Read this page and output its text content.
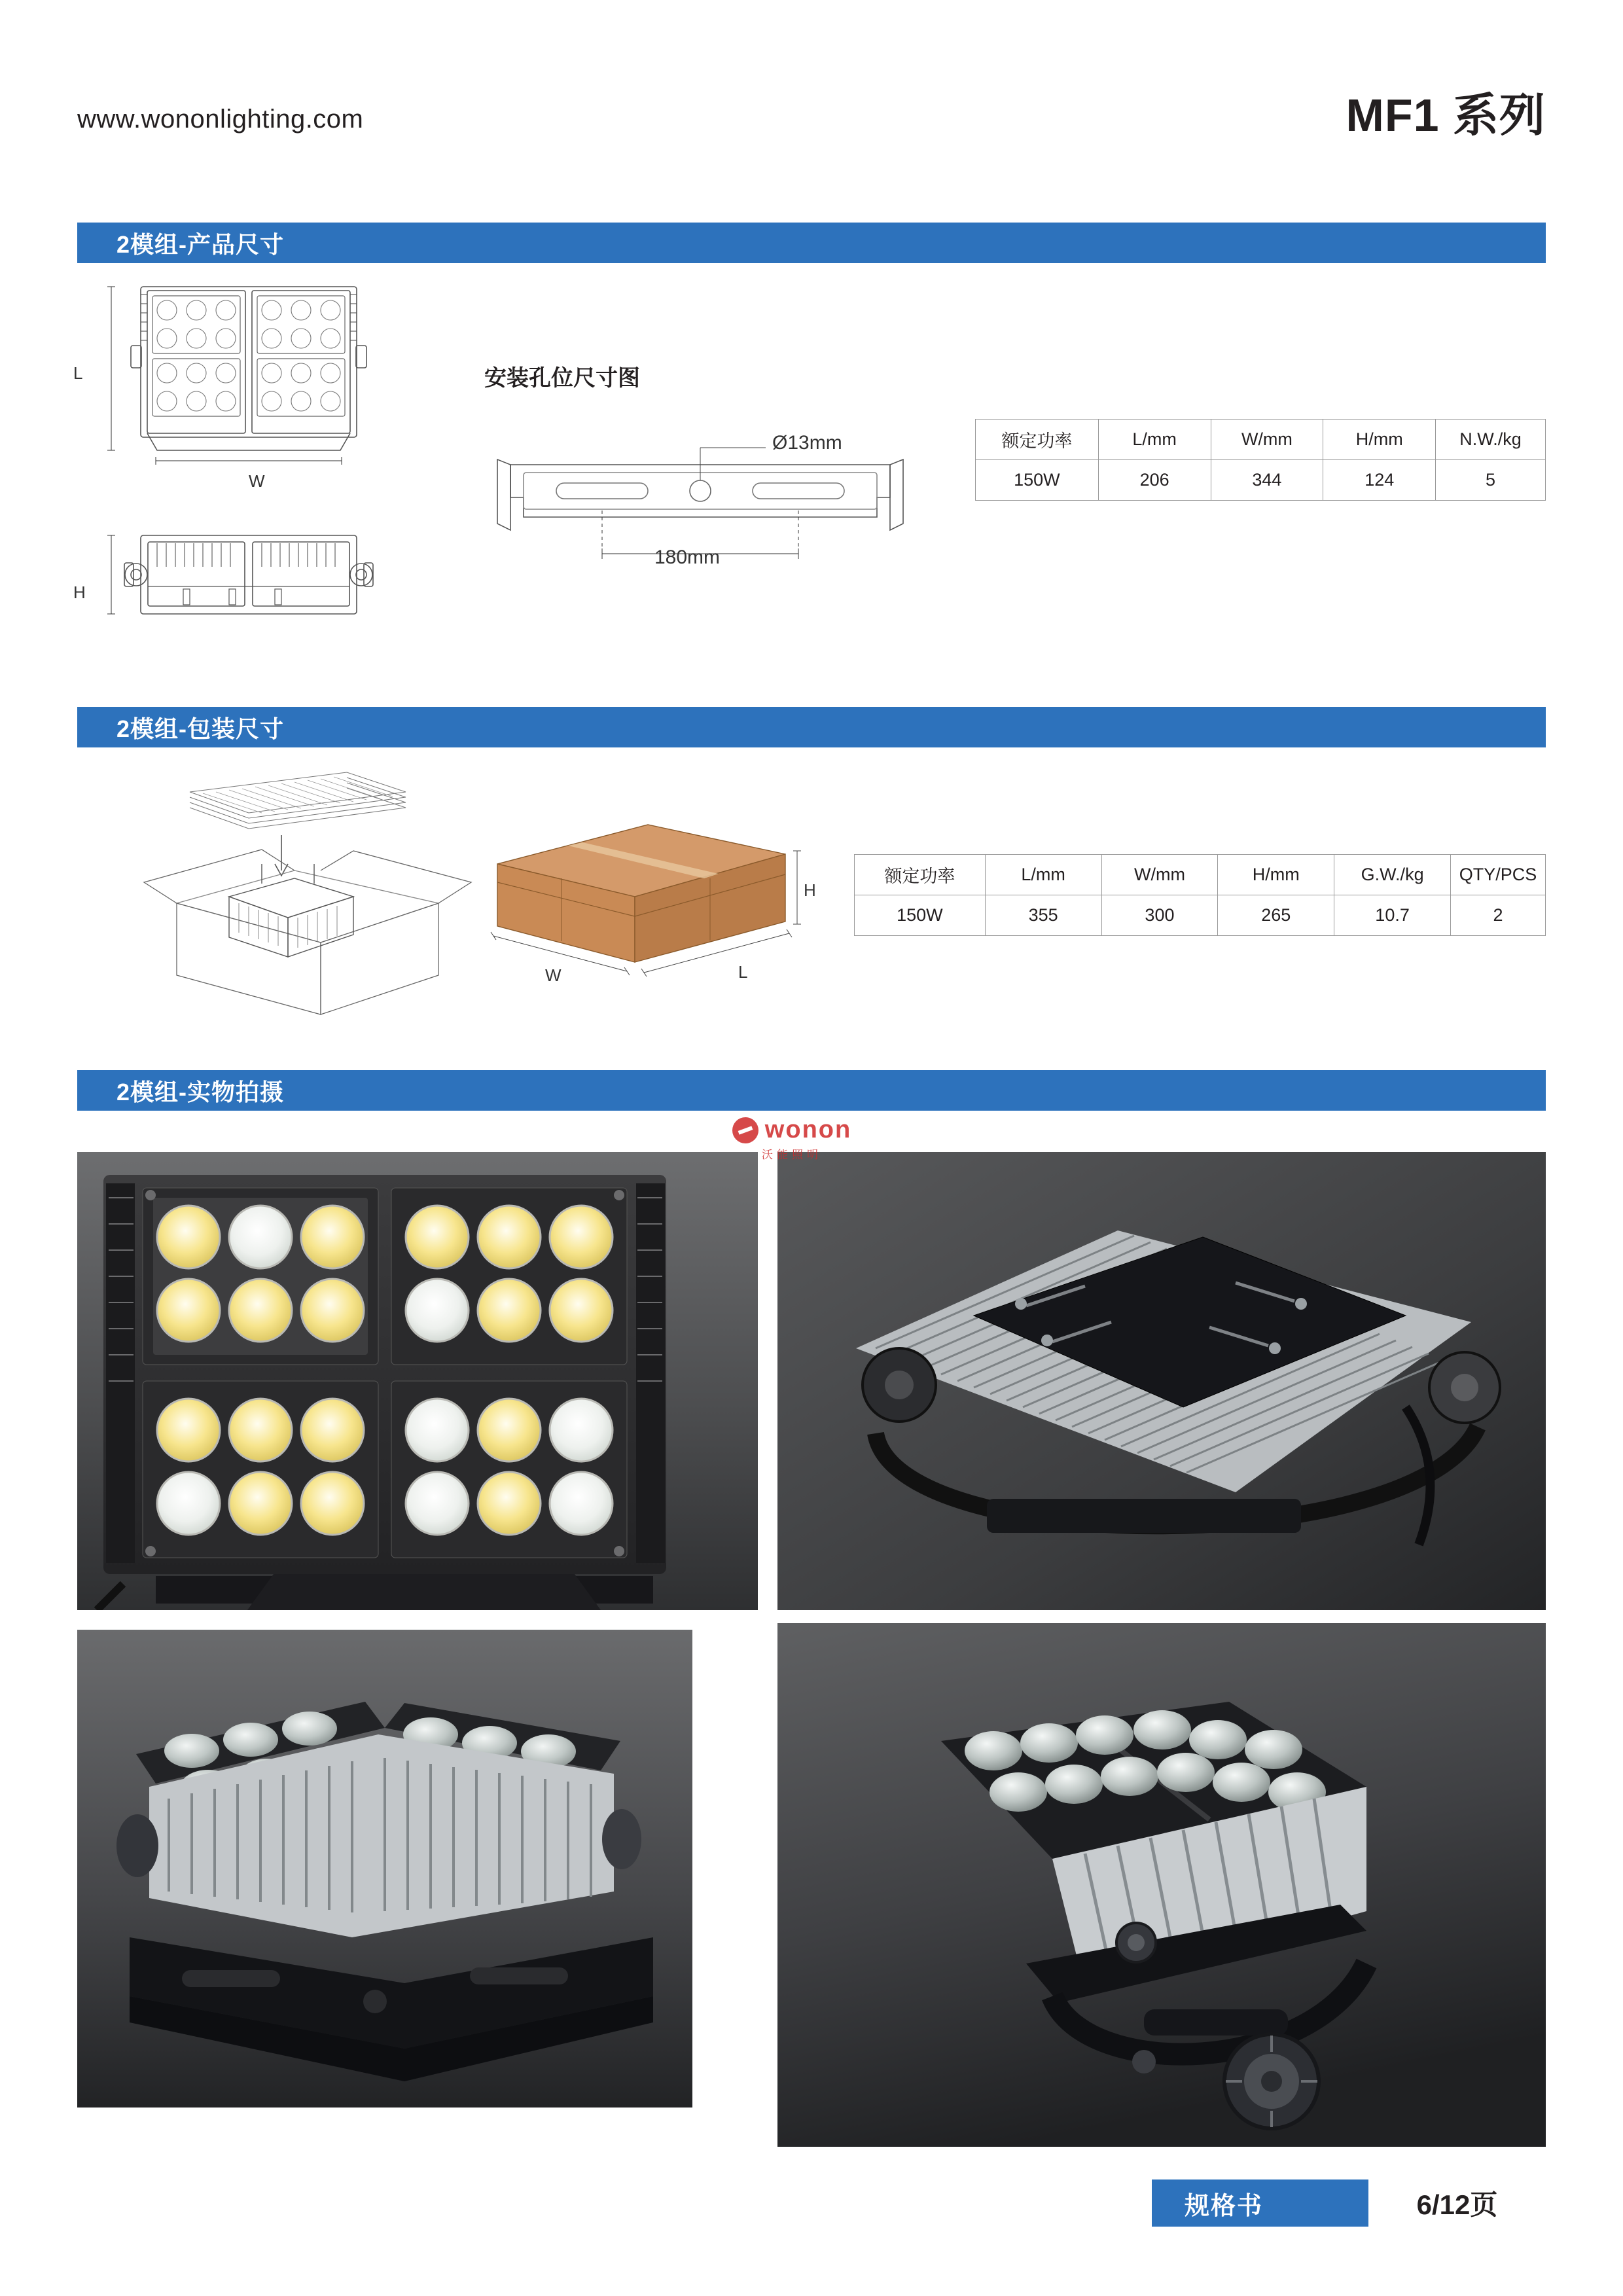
www.wononlighting.com	MF1 系列
2模组-产品尺寸
L
W
H
安装孔位尺寸图
Ø13mm
180mm
额定功率	L/mm	W/mm	H/mm	N.W./kg
150W	206	344	124	5
2模组-包装尺寸
H
L
W
额定功率	L/mm	W/mm	H/mm	G.W./kg	QTY/PCS
150W	355	300	265	10.7	2
2模组-实物拍摄
wonon
沃能照明
规格书	6/12页
